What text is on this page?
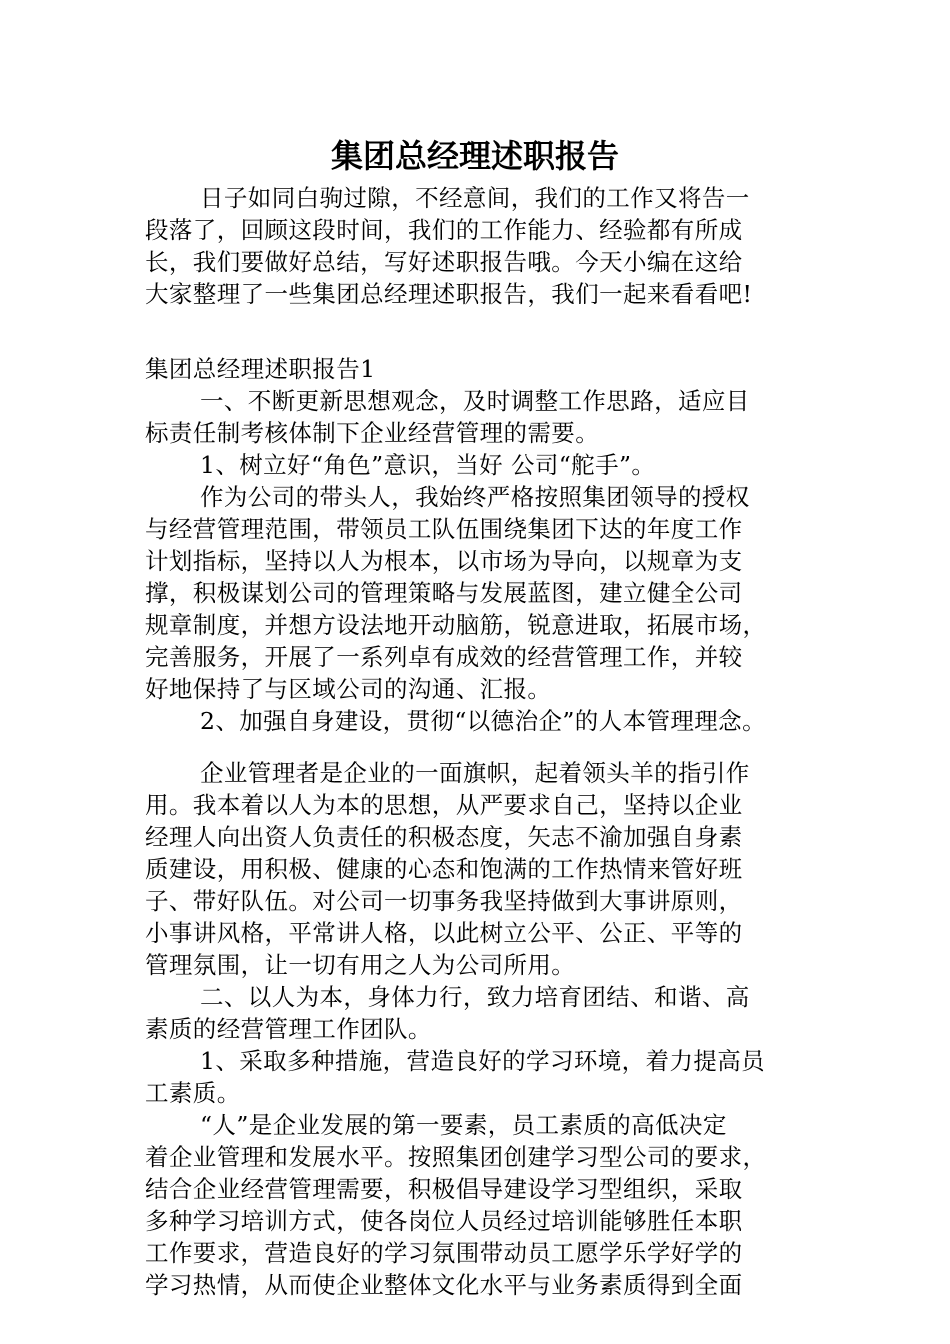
集团总经理述职报告
日子如同白驹过隙，不经意间，我们的工作又将告一
段落了，回顾这段时间，我们的工作能力、经验都有所成
长，我们要做好总结，写好述职报告哦。今天小编在这给
大家整理了一些集团总经理述职报告，我们一起来看看吧!
集团总经理述职报告1
一、不断更新思想观念，及时调整工作思路，适应目
标责任制考核体制下企业经营管理的需要。
1、树立好“角色”意识，当好 公司“舵手”。
作为公司的带头人，我始终严格按照集团领导的授权
与经营管理范围，带领员工队伍围绕集团下达的年度工作
计划指标，坚持以人为根本，以市场为导向，以规章为支
撑，积极谋划公司的管理策略与发展蓝图，建立健全公司
规章制度，并想方设法地开动脑筋，锐意进取，拓展市场，
完善服务，开展了一系列卓有成效的经营管理工作，并较
好地保持了与区域公司的沟通、汇报。
2、加强自身建设，贯彻“以德治企”的人本管理理念。
企业管理者是企业的一面旗帜，起着领头羊的指引作
用。我本着以人为本的思想，从严要求自己，坚持以企业
经理人向出资人负责任的积极态度，矢志不渝加强自身素
质建设，用积极、健康的心态和饱满的工作热情来管好班
子、带好队伍。对公司一切事务我坚持做到大事讲原则，
小事讲风格，平常讲人格，以此树立公平、公正、平等的
管理氛围，让一切有用之人为公司所用。
二、以人为本，身体力行，致力培育团结、和谐、高
素质的经营管理工作团队。
1、采取多种措施，营造良好的学习环境，着力提高员
工素质。
“人”是企业发展的第一要素，员工素质的高低决定
着企业管理和发展水平。按照集团创建学习型公司的要求，
结合企业经营管理需要，积极倡导建设学习型组织，采取
多种学习培训方式，使各岗位人员经过培训能够胜任本职
工作要求，营造良好的学习氛围带动员工愿学乐学好学的
学习热情，从而使企业整体文化水平与业务素质得到全面
